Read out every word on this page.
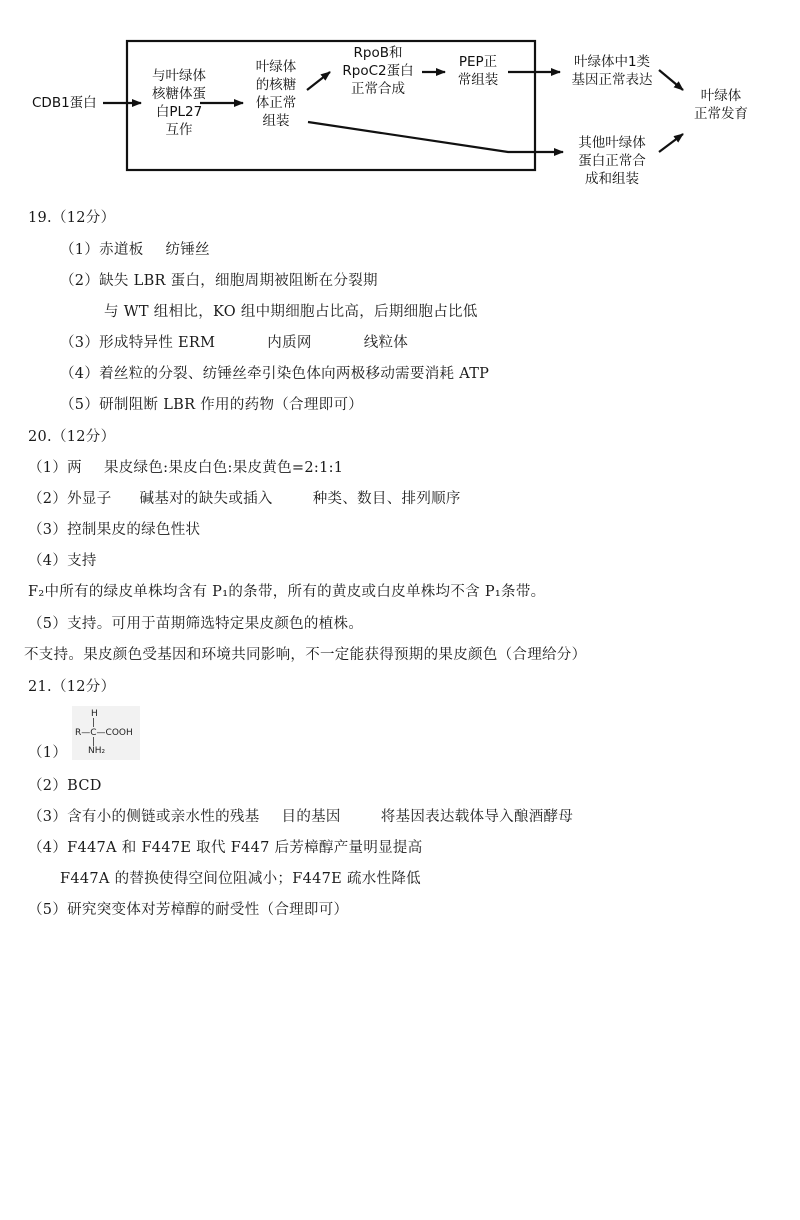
CDB1蛋白
与叶绿体
核糖体蛋
白PL27
互作
叶绿体
的核糖
体正常
组装
RpoB和
RpoC2蛋白
正常合成
PEP正
常组装
叶绿体中1类
基因正常表达
其他叶绿体
蛋白正常合
成和组装
叶绿体
正常发育
19.（12分）
（1）赤道板 纺锤丝
（2）缺失 LBR 蛋白，细胞周期被阻断在分裂期
与 WT 组相比，KO 组中期细胞占比高，后期细胞占比低
（3）形成特异性 ERM	内质网	线粒体
（4）着丝粒的分裂、纺锤丝牵引染色体向两极移动需要消耗 ATP
（5）研制阻断 LBR 作用的药物（合理即可）
20.（12分）
（1）两 果皮绿色:果皮白色:果皮黄色=2:1:1
（2）外显子 碱基对的缺失或插入	种类、数目、排列顺序
（3）控制果皮的绿色性状
（4）支持
F₂中所有的绿皮单株均含有 P₁的条带，所有的黄皮或白皮单株均不含 P₁条带。
（5）支持。可用于苗期筛选特定果皮颜色的植株。
不支持。果皮颜色受基因和环境共同影响，不一定能获得预期的果皮颜色（合理给分）
21.（12分）
H
|
R—C—COOH
|
NH₂
（1）
（2）BCD
（3）含有小的侧链或亲水性的残基 目的基因	将基因表达载体导入酿酒酵母
（4）F447A 和 F447E 取代 F447 后芳樟醇产量明显提高
F447A 的替换使得空间位阻减小；F447E 疏水性降低
（5）研究突变体对芳樟醇的耐受性（合理即可）
